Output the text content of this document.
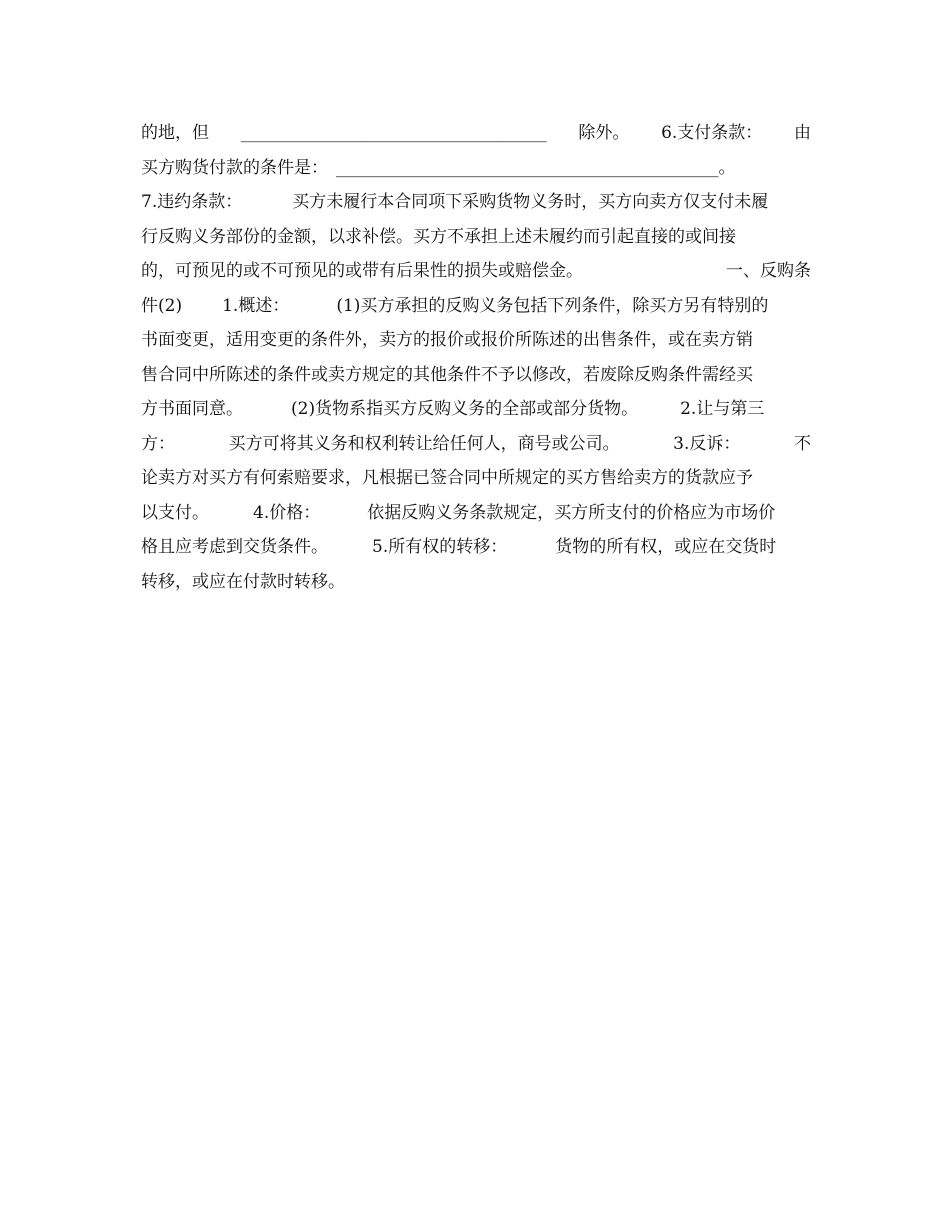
的地，但 ____________________________________ 除外。 6.支付条款： 由
买方购货付款的条件是： _____________________________________________ 。
7.违约条款：	买方未履行本合同项下采购货物义务时，买方向卖方仅支付未履
行反购义务部份的金额，以求补偿。买方不承担上述未履约而引起直接的或间接
的，可预见的或不可预见的或带有后果性的损失或赔偿金。	一、反购条
件(2) 1.概述：	(1)买方承担的反购义务包括下列条件，除买方另有特别的
书面变更，适用变更的条件外，卖方的报价或报价所陈述的出售条件，或在卖方销
售合同中所陈述的条件或卖方规定的其他条件不予以修改，若废除反购条件需经买
方书面同意。	(2)货物系指买方反购义务的全部或部分货物。 2.让与第三
方：	买方可将其义务和权利转让给任何人，商号或公司。	3.反诉：	不
论卖方对买方有何索赔要求，凡根据已签合同中所规定的买方售给卖方的货款应予
以支付。	4.价格：	依据反购义务条款规定，买方所支付的价格应为市场价
格且应考虑到交货条件。	5.所有权的转移：	货物的所有权，或应在交货时
转移，或应在付款时转移。
